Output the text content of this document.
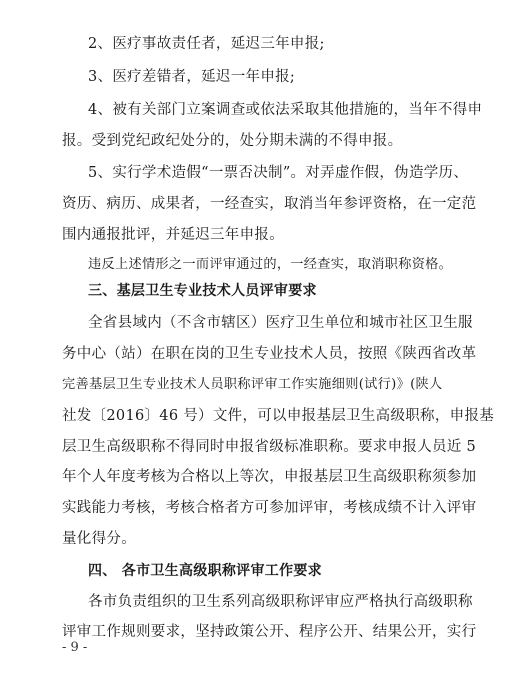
2、医疗事故责任者，延迟三年申报;
3、医疗差错者，延迟一年申报;
4、被有关部门立案调查或依法采取其他措施的，当年不得申
报。受到党纪政纪处分的，处分期未满的不得申报。
5、实行学术造假“一票否决制”。对弄虚作假，伪造学历、
资历、病历、成果者，一经查实，取消当年参评资格，在一定范
围内通报批评，并延迟三年申报。
违反上述情形之一而评审通过的，一经查实，取消职称资格。
三、基层卫生专业技术人员评审要求
全省县域内（不含市辖区）医疗卫生单位和城市社区卫生服
务中心（站）在职在岗的卫生专业技术人员，按照《陕西省改革
完善基层卫生专业技术人员职称评审工作实施细则(试行)》(陕人
社发〔2016〕46 号）文件，可以申报基层卫生高级职称，申报基
层卫生高级职称不得同时申报省级标准职称。要求申报人员近 5
年个人年度考核为合格以上等次，申报基层卫生高级职称须参加
实践能力考核，考核合格者方可参加评审，考核成绩不计入评审
量化得分。
四、 各市卫生高级职称评审工作要求
各市负责组织的卫生系列高级职称评审应严格执行高级职称
评审工作规则要求，坚持政策公开、程序公开、结果公开，实行
- 9 -
